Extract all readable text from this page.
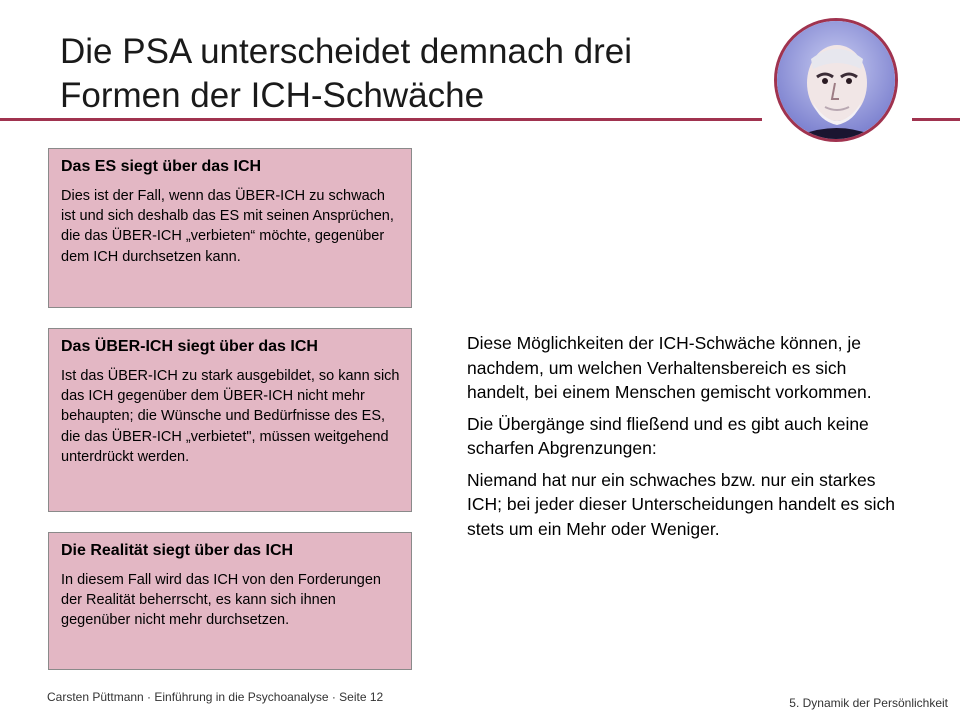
Die PSA unterscheidet demnach drei
Formen der ICH-Schwäche

Das ES siegt über das ICH

Dies ist der Fall, wenn das ÜBER-ICH zu schwach ist und sich deshalb das ES mit seinen Ansprüchen, die das ÜBER-ICH „verbieten“ möchte, gegenüber dem ICH durchsetzen kann.

Das ÜBER-ICH siegt über das ICH

Ist das ÜBER-ICH zu stark ausgebildet, so kann sich das ICH gegenüber dem ÜBER-ICH nicht mehr behaupten; die Wünsche und Bedürfnisse des ES, die das ÜBER-ICH „verbietet", müssen weitgehend unterdrückt werden.

Die Realität siegt über das ICH

In diesem Fall wird das ICH von den Forderungen der Realität beherrscht, es kann sich ihnen gegenüber nicht mehr durchsetzen.

Diese Möglichkeiten der ICH-Schwäche können, je nachdem, um welchen Verhaltensbereich es sich handelt, bei einem Menschen gemischt vorkommen.

Die Übergänge sind fließend und es gibt auch keine scharfen Abgrenzungen:

Niemand hat nur ein schwaches bzw. nur ein starkes ICH; bei jeder dieser Unterscheidungen handelt es sich stets um ein Mehr oder Weniger.

Carsten Püttmann · Einführung in die Psychoanalyse · Seite 12	5. Dynamik der Persönlichkeit
